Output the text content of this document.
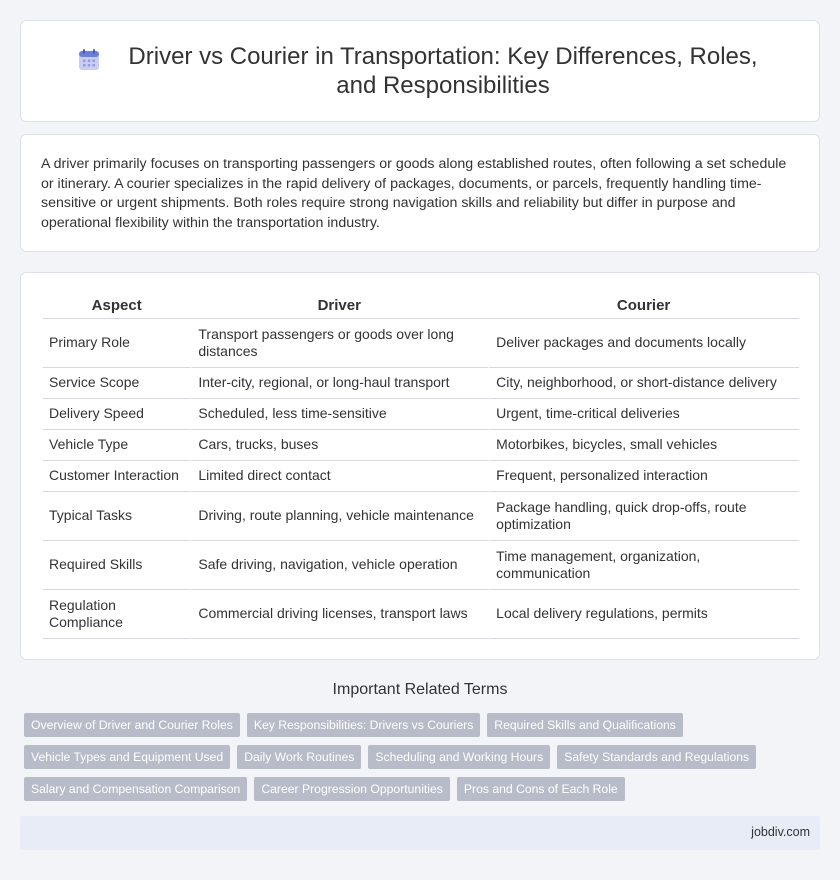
Driver vs Courier in Transportation: Key Differences, Roles, and Responsibilities

A driver primarily focuses on transporting passengers or goods along established routes, often following a set schedule or itinerary. A courier specializes in the rapid delivery of packages, documents, or parcels, frequently handling time-sensitive or urgent shipments. Both roles require strong navigation skills and reliability but differ in purpose and operational flexibility within the transportation industry.

Aspect	Driver	Courier
Primary Role	Transport passengers or goods over long distances	Deliver packages and documents locally
Service Scope	Inter-city, regional, or long-haul transport	City, neighborhood, or short-distance delivery
Delivery Speed	Scheduled, less time-sensitive	Urgent, time-critical deliveries
Vehicle Type	Cars, trucks, buses	Motorbikes, bicycles, small vehicles
Customer Interaction	Limited direct contact	Frequent, personalized interaction
Typical Tasks	Driving, route planning, vehicle maintenance	Package handling, quick drop-offs, route optimization
Required Skills	Safe driving, navigation, vehicle operation	Time management, organization, communication
Regulation Compliance	Commercial driving licenses, transport laws	Local delivery regulations, permits
Important Related Terms
Overview of Driver and Courier Roles	Key Responsibilities: Drivers vs Couriers	Required Skills and Qualifications
Vehicle Types and Equipment Used	Daily Work Routines	Scheduling and Working Hours	Safety Standards and Regulations
Salary and Compensation Comparison	Career Progression Opportunities	Pros and Cons of Each Role
jobdiv.com
